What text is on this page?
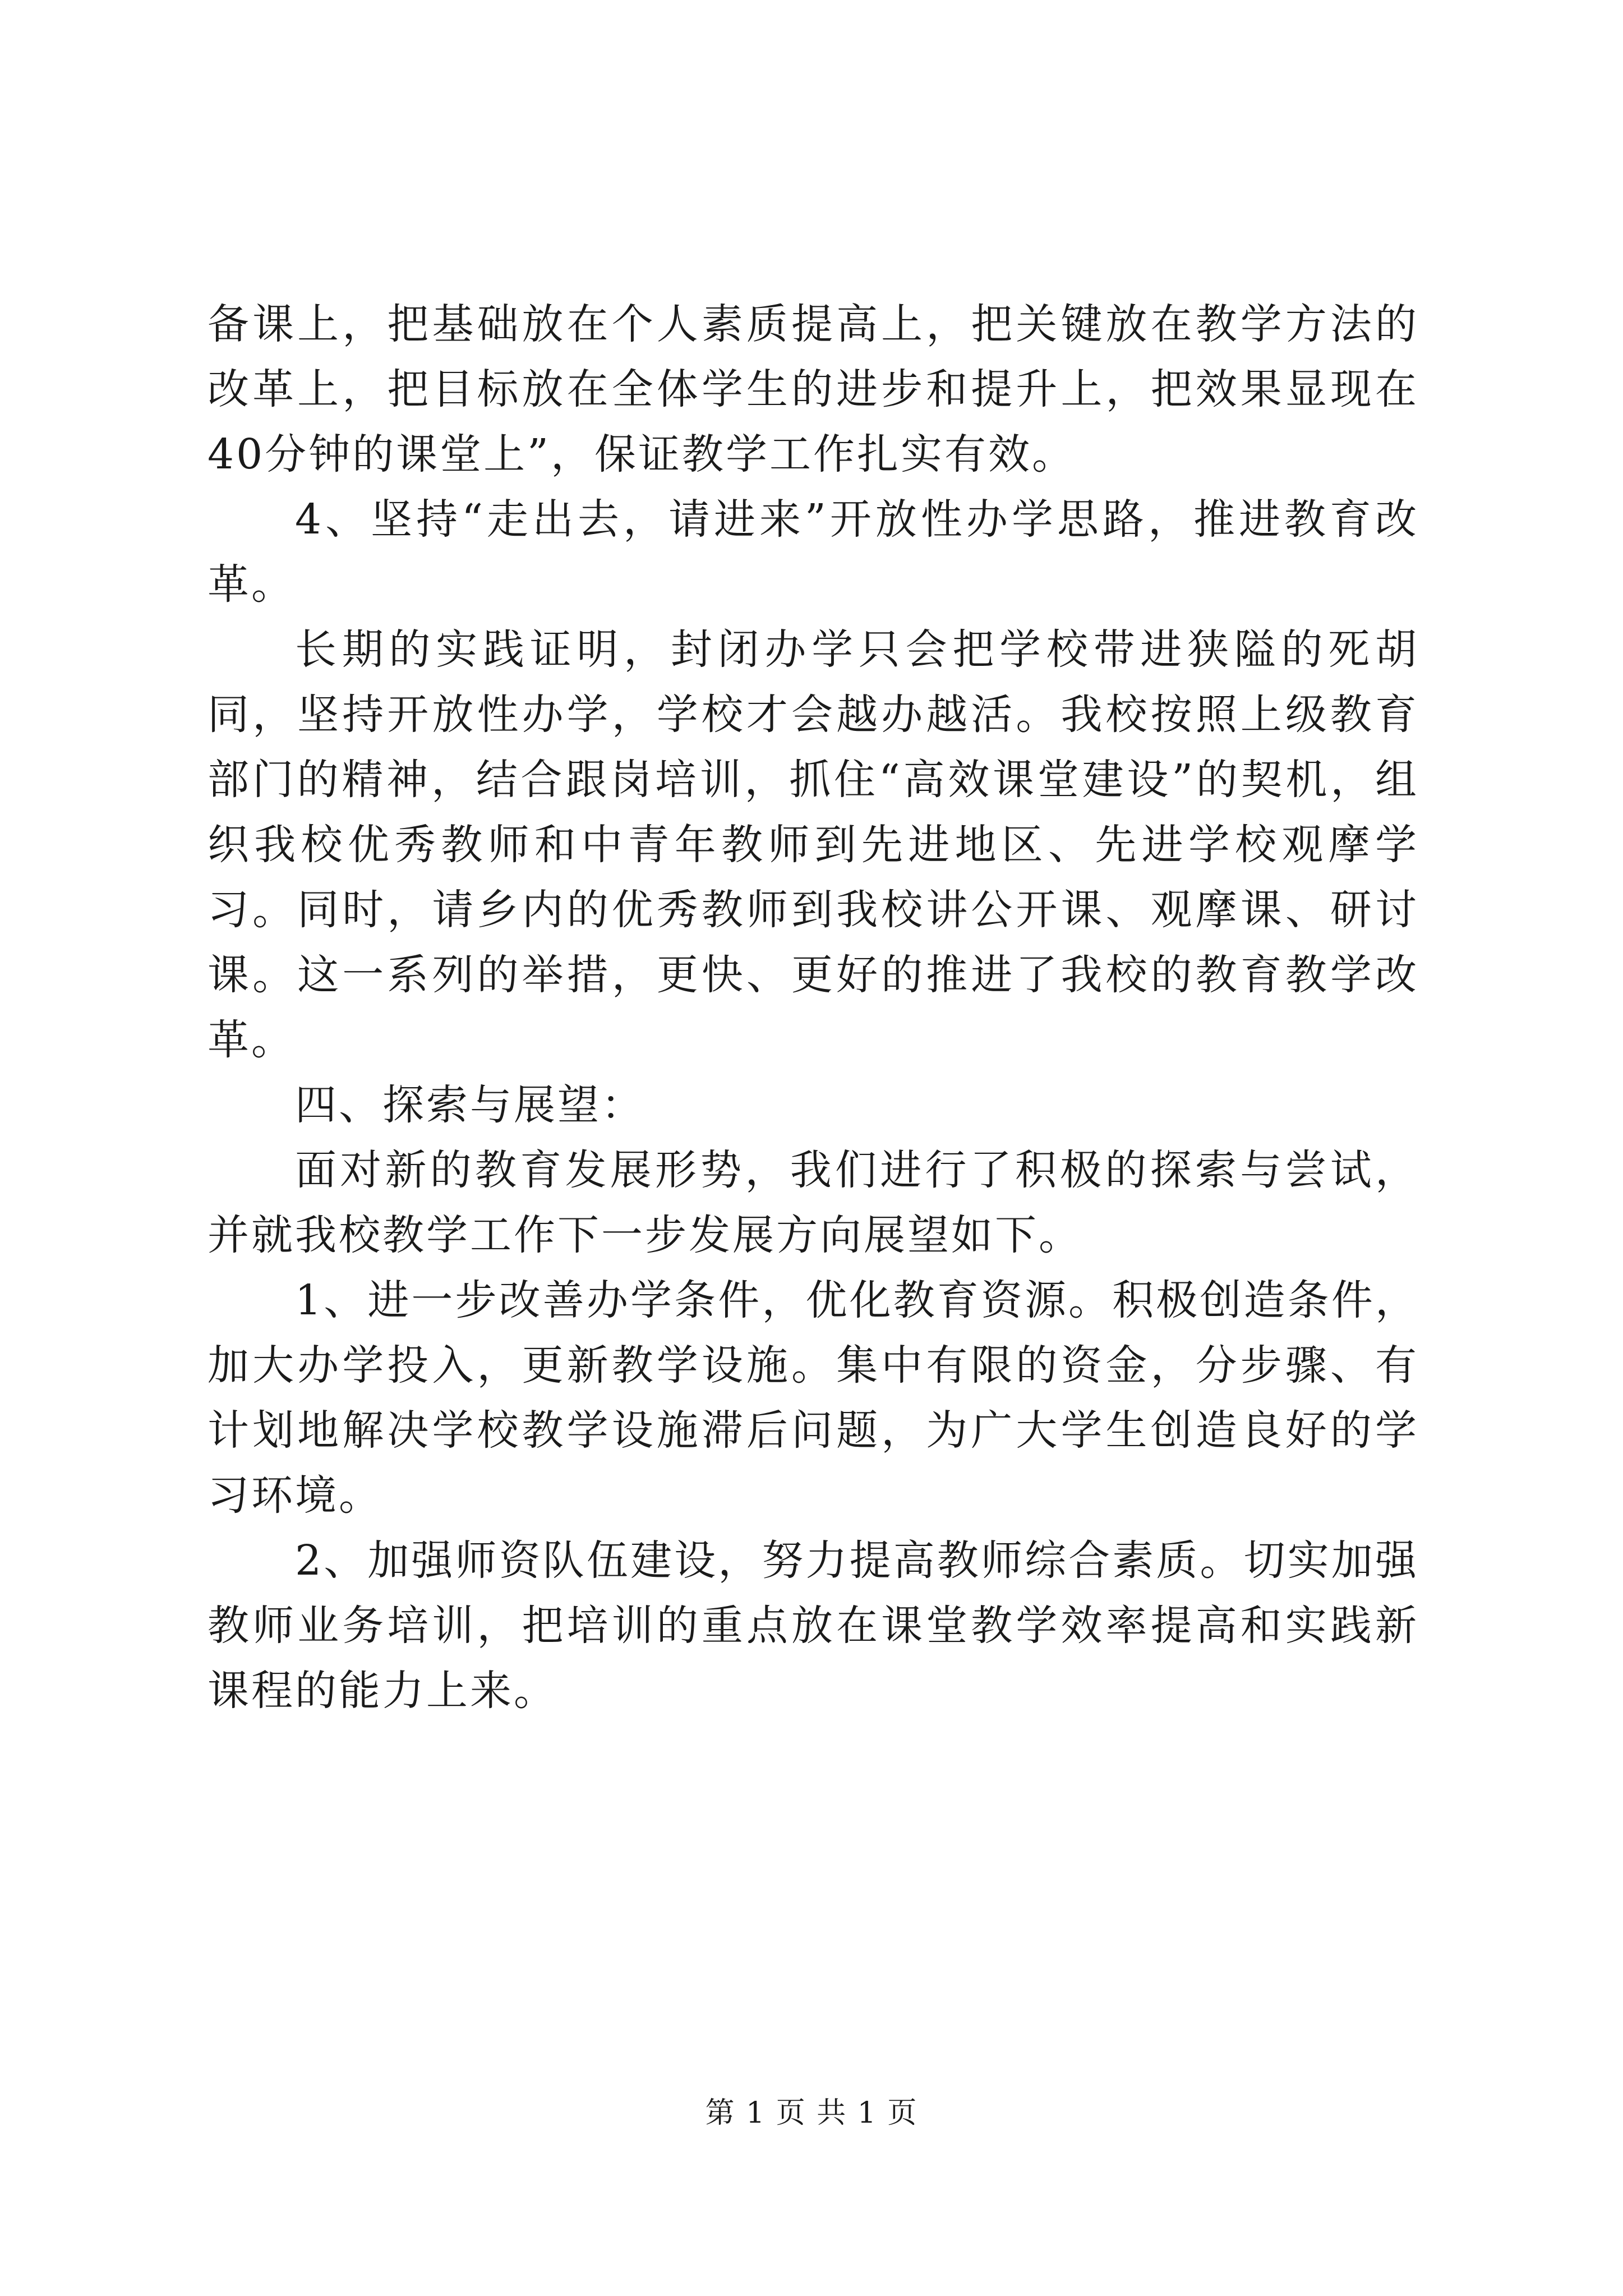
备课上，把基础放在个人素质提高上，把关键放在教学方法的改革上，把目标放在全体学生的进步和提升上，把效果显现在40分钟的课堂上”，保证教学工作扎实有效。

4、坚持“走出去，请进来”开放性办学思路，推进教育改革。

长期的实践证明，封闭办学只会把学校带进狭隘的死胡同，坚持开放性办学，学校才会越办越活。我校按照上级教育部门的精神，结合跟岗培训，抓住“高效课堂建设”的契机，组织我校优秀教师和中青年教师到先进地区、先进学校观摩学习。同时，请乡内的优秀教师到我校讲公开课、观摩课、研讨课。这一系列的举措，更快、更好的推进了我校的教育教学改革。

四、探索与展望：

面对新的教育发展形势，我们进行了积极的探索与尝试，并就我校教学工作下一步发展方向展望如下。

1、进一步改善办学条件，优化教育资源。积极创造条件，加大办学投入，更新教学设施。集中有限的资金，分步骤、有计划地解决学校教学设施滞后问题，为广大学生创造良好的学习环境。

2、加强师资队伍建设，努力提高教师综合素质。切实加强教师业务培训，把培训的重点放在课堂教学效率提高和实践新课程的能力上来。

第 1 页 共 1 页
